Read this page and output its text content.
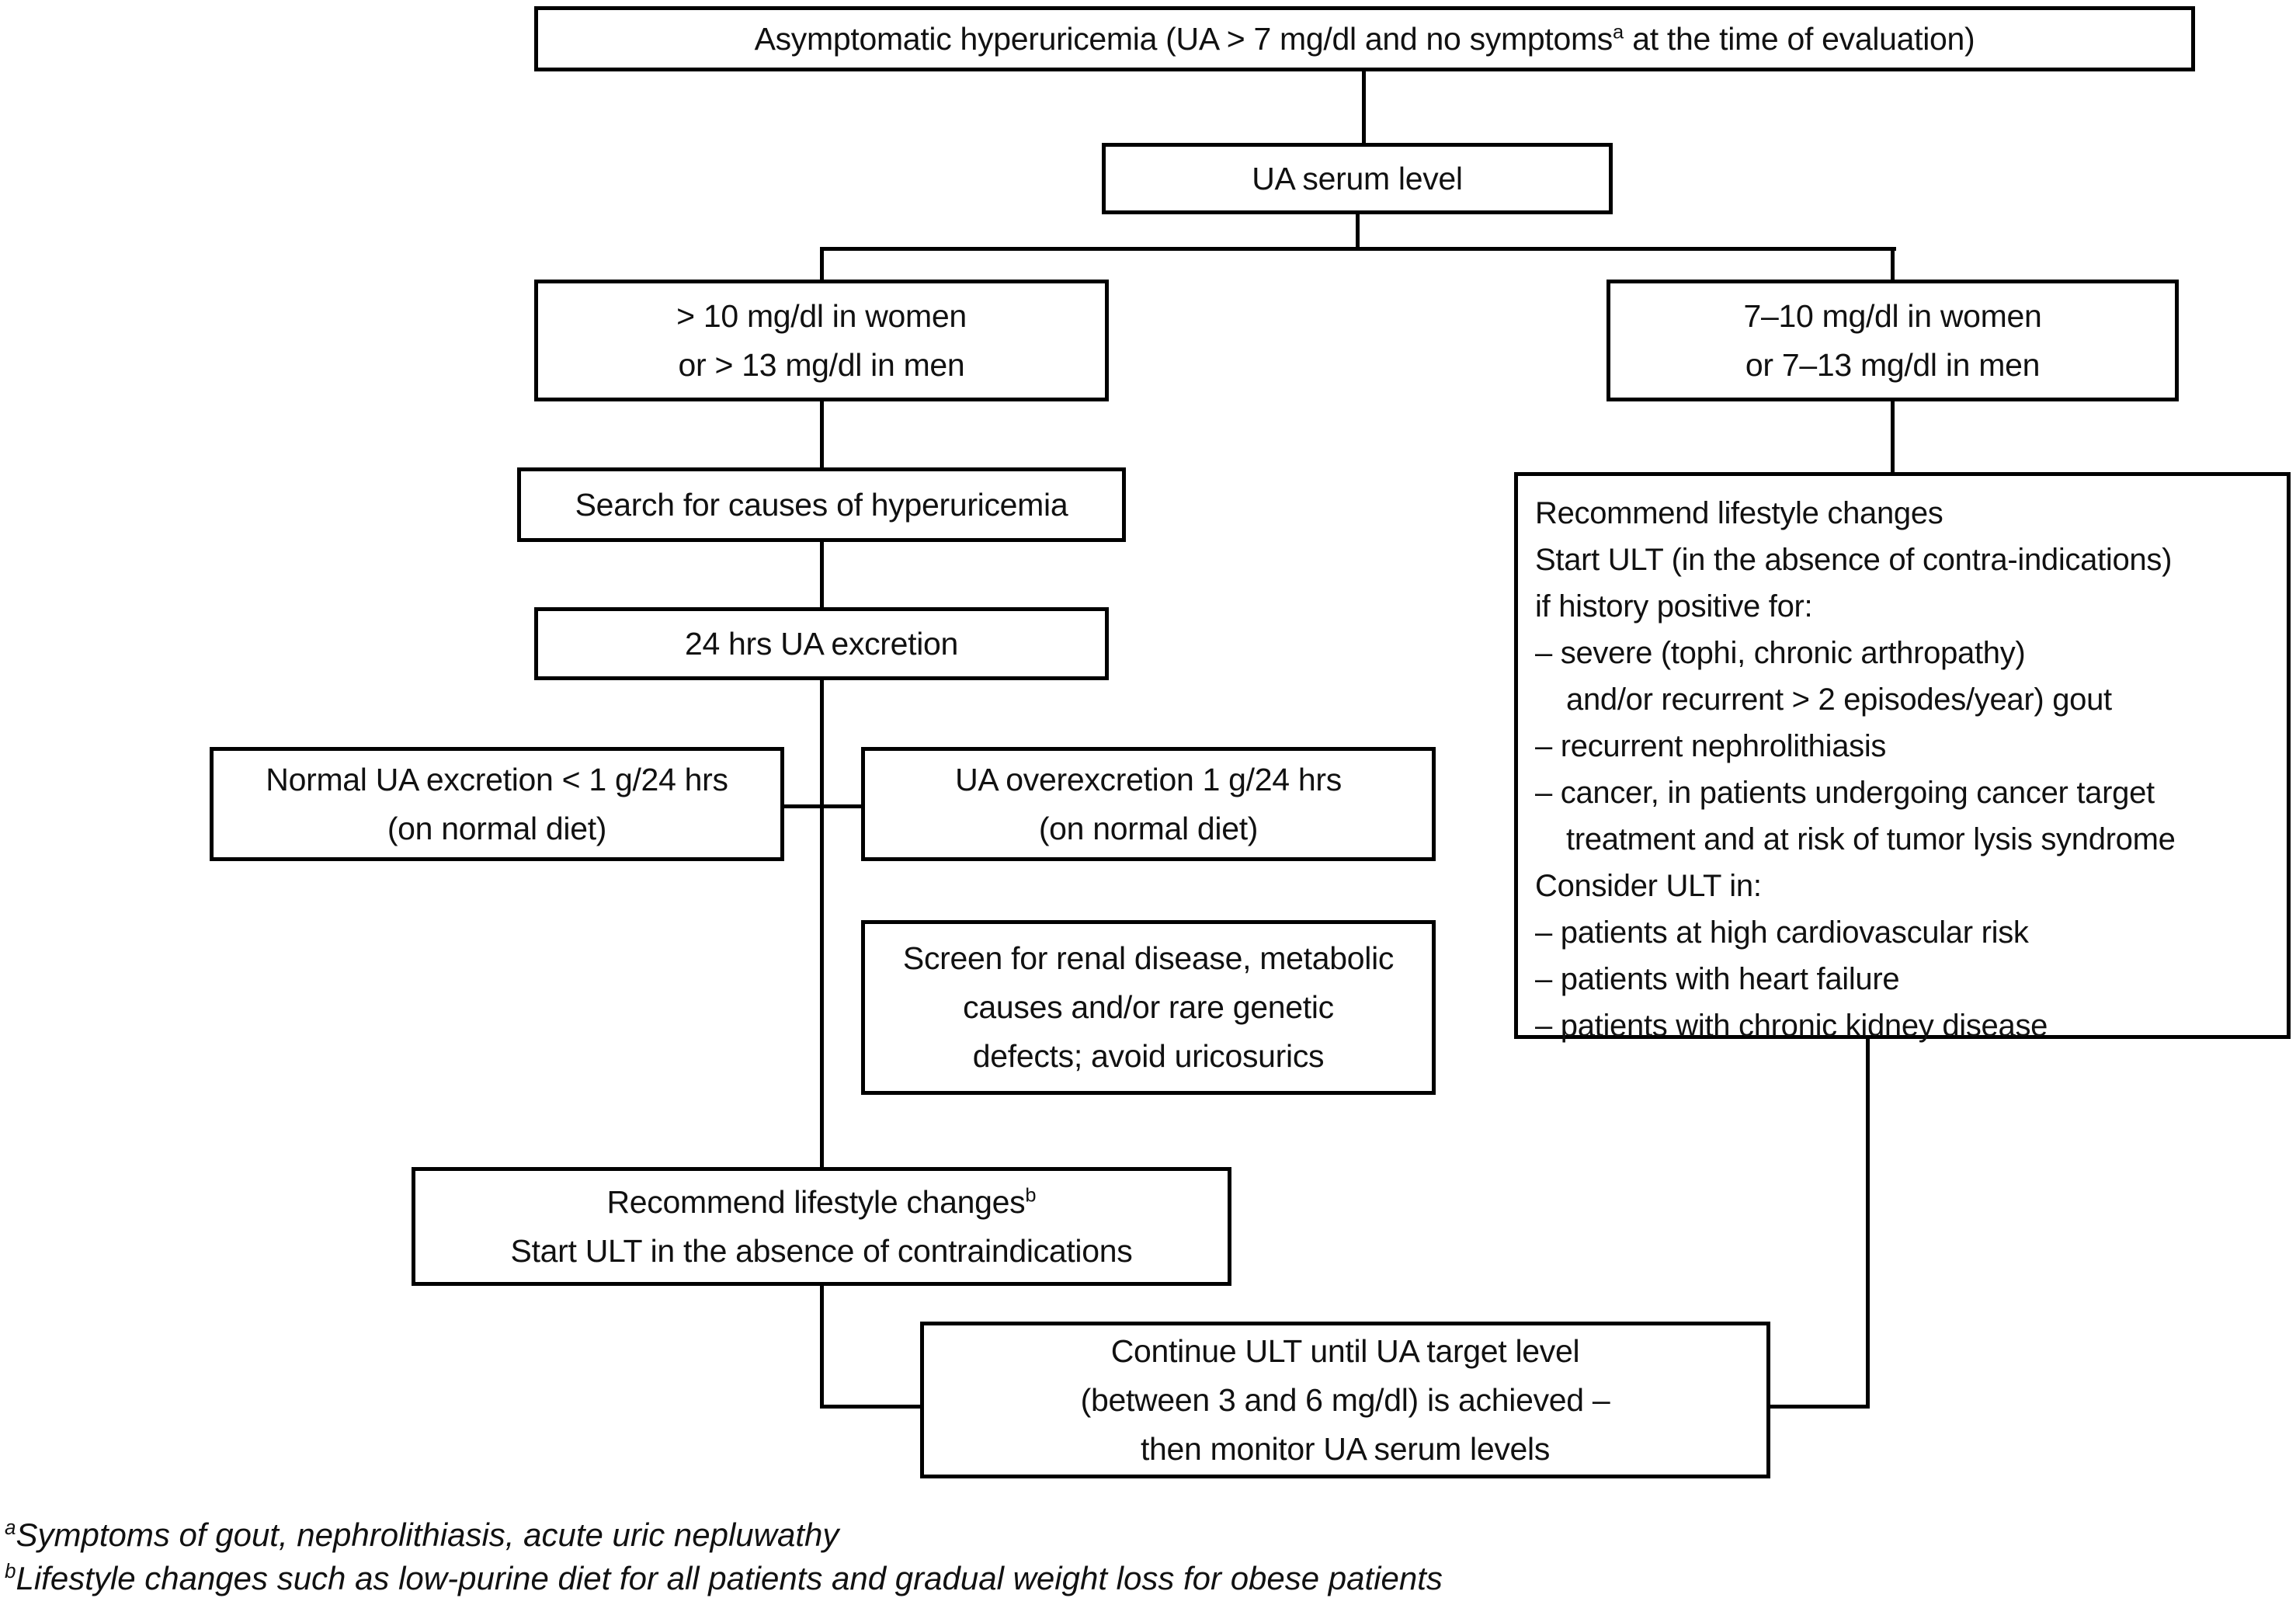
Asymptomatic hyperuricemia (UA > 7 mg/dl and no symptoms$^a$ at the time of evaluation)
UA serum level
> 10 mg/dl in women
or > 13 mg/dl in men
7–10 mg/dl in women
or 7–13 mg/dl in men
Search for causes of hyperuricemia
24 hrs UA excretion
Normal UA excretion < 1 g/24 hrs
(on normal diet)
UA overexcretion 1 g/24 hrs
(on normal diet)
Screen for renal disease, metabolic
causes and/or rare genetic
defects; avoid uricosurics
Recommend lifestyle changes
Start ULT (in the absence of contra-indications)
if history positive for:
– severe (tophi, chronic arthropathy)
and/or recurrent > 2 episodes/year) gout
– recurrent nephrolithiasis
– cancer, in patients undergoing cancer target
treatment and at risk of tumor lysis syndrome
Consider ULT in:
– patients at high cardiovascular risk
– patients with heart failure
– patients with chronic kidney disease
Recommend lifestyle changes$^b$
Start ULT in the absence of contraindications
Continue ULT until UA target level
(between 3 and 6 mg/dl) is achieved –
then monitor UA serum levels
$^a$Symptoms of gout, nephrolithiasis, acute uric nepluwathy
$^b$Lifestyle changes such as low-purine diet for all patients and gradual weight loss for obese patients
